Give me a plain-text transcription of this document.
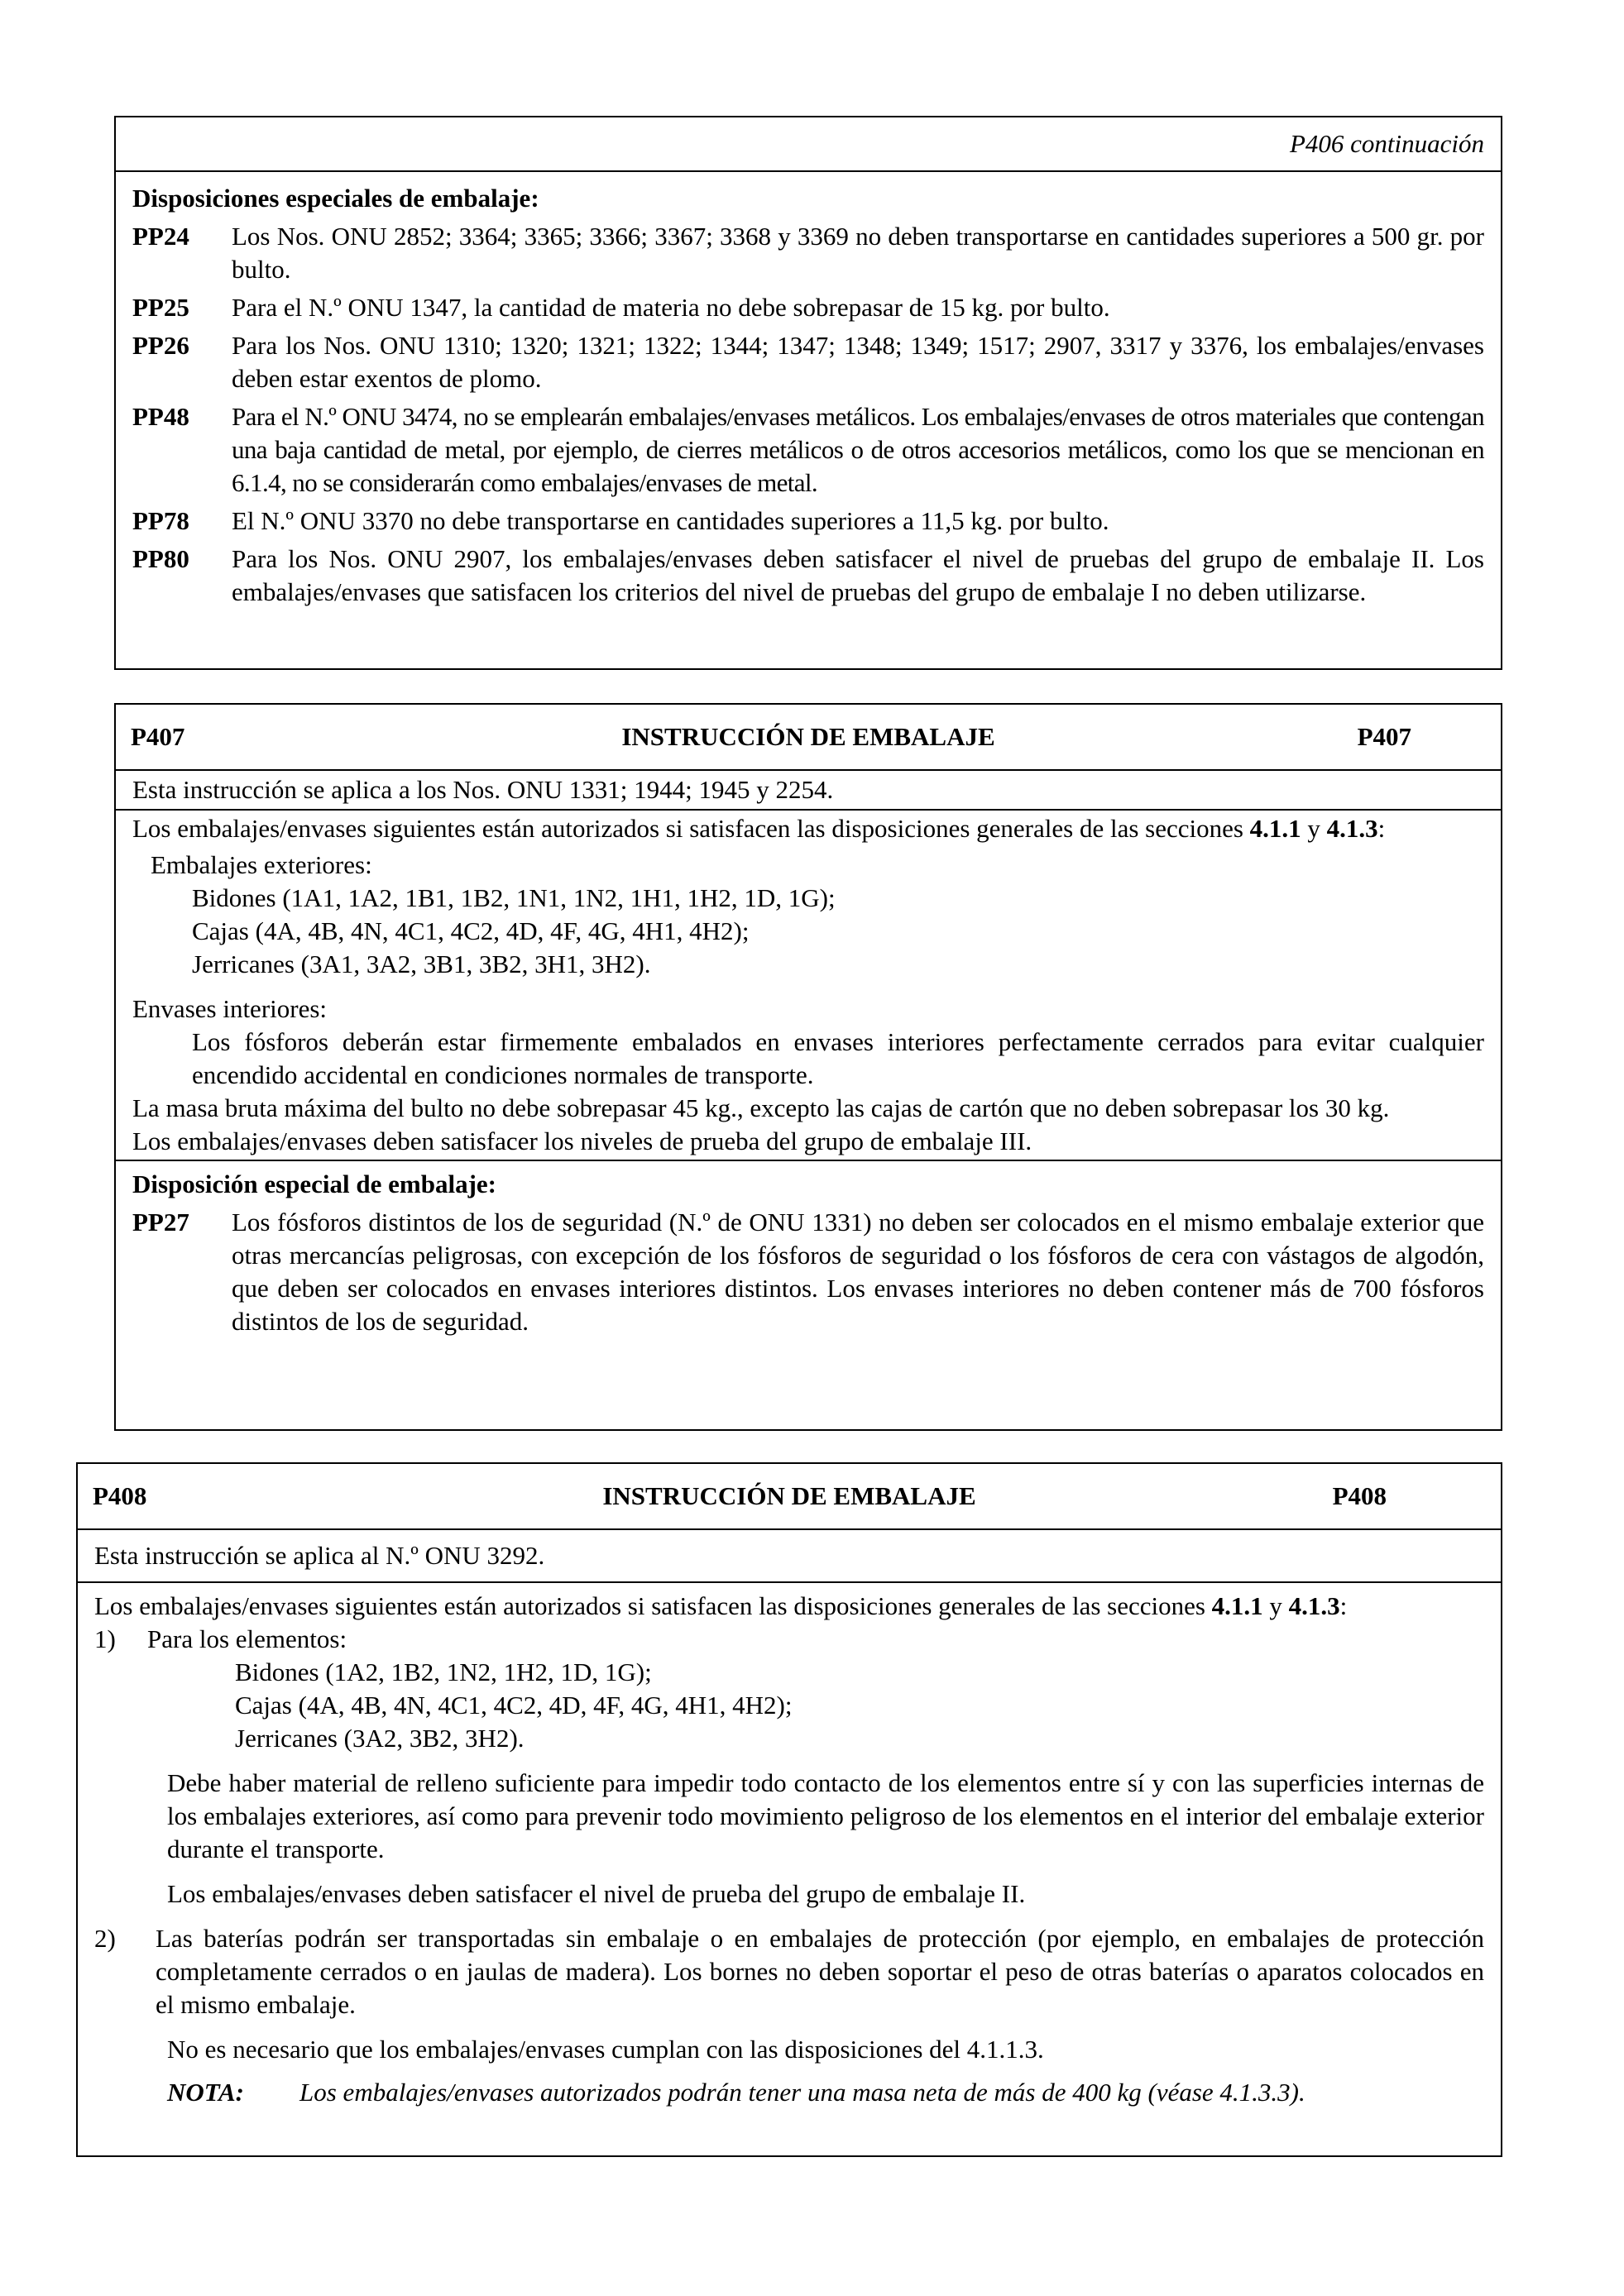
P406 continuación
Disposiciones especiales de embalaje:
PP24	Los Nos. ONU 2852; 3364; 3365; 3366; 3367; 3368 y 3369 no deben transportarse en cantidades superiores a 500 gr. por bulto.
PP25	Para el N.º ONU 1347, la cantidad de materia no debe sobrepasar de 15 kg. por bulto.
PP26	Para los Nos. ONU 1310; 1320; 1321; 1322; 1344; 1347; 1348; 1349; 1517; 2907, 3317 y 3376, los embalajes/envases deben estar exentos de plomo.
PP48	Para el N.º ONU 3474, no se emplearán embalajes/envases metálicos. Los embalajes/envases de otros materiales que contengan una baja cantidad de metal, por ejemplo, de cierres metálicos o de otros accesorios metálicos, como los que se mencionan en 6.1.4, no se considerarán como embalajes/envases de metal.
PP78	El N.º ONU 3370 no debe transportarse en cantidades superiores a 11,5 kg. por bulto.
PP80	Para los Nos. ONU 2907, los embalajes/envases deben satisfacer el nivel de pruebas del grupo de embalaje II. Los embalajes/envases que satisfacen los criterios del nivel de pruebas del grupo de embalaje I no deben utilizarse.
P407	INSTRUCCIÓN DE EMBALAJE	P407
Esta instrucción se aplica a los Nos. ONU 1331; 1944; 1945 y 2254.
Los embalajes/envases siguientes están autorizados si satisfacen las disposiciones generales de las secciones 4.1.1 y 4.1.3:
Embalajes exteriores:
Bidones (1A1, 1A2, 1B1, 1B2, 1N1, 1N2, 1H1, 1H2, 1D, 1G);
Cajas (4A, 4B, 4N, 4C1, 4C2, 4D, 4F, 4G, 4H1, 4H2);
Jerricanes (3A1, 3A2, 3B1, 3B2, 3H1, 3H2).
Envases interiores:
Los fósforos deberán estar firmemente embalados en envases interiores perfectamente cerrados para evitar cualquier encendido accidental en condiciones normales de transporte.
La masa bruta máxima del bulto no debe sobrepasar 45 kg., excepto las cajas de cartón que no deben sobrepasar los 30 kg.
Los embalajes/envases deben satisfacer los niveles de prueba del grupo de embalaje III.
Disposición especial de embalaje:
PP27	Los fósforos distintos de los de seguridad (N.º de ONU 1331) no deben ser colocados en el mismo embalaje exterior que otras mercancías peligrosas, con excepción de los fósforos de seguridad o los fósforos de cera con vástagos de algodón, que deben ser colocados en envases interiores distintos. Los envases interiores no deben contener más de 700 fósforos distintos de los de seguridad.
P408	INSTRUCCIÓN DE EMBALAJE	P408
Esta instrucción se aplica al N.º ONU 3292.
Los embalajes/envases siguientes están autorizados si satisfacen las disposiciones generales de las secciones 4.1.1 y 4.1.3:
1)	Para los elementos:
Bidones (1A2, 1B2, 1N2, 1H2, 1D, 1G);
Cajas (4A, 4B, 4N, 4C1, 4C2, 4D, 4F, 4G, 4H1, 4H2);
Jerricanes (3A2, 3B2, 3H2).
Debe haber material de relleno suficiente para impedir todo contacto de los elementos entre sí y con las superficies internas de los embalajes exteriores, así como para prevenir todo movimiento peligroso de los elementos en el interior del embalaje exterior durante el transporte.
Los embalajes/envases deben satisfacer el nivel de prueba del grupo de embalaje II.
2)	Las baterías podrán ser transportadas sin embalaje o en embalajes de protección (por ejemplo, en embalajes de protección completamente cerrados o en jaulas de madera). Los bornes no deben soportar el peso de otras baterías o aparatos colocados en el mismo embalaje.
No es necesario que los embalajes/envases cumplan con las disposiciones del 4.1.1.3.
NOTA:	Los embalajes/envases autorizados podrán tener una masa neta de más de 400 kg (véase 4.1.3.3).
